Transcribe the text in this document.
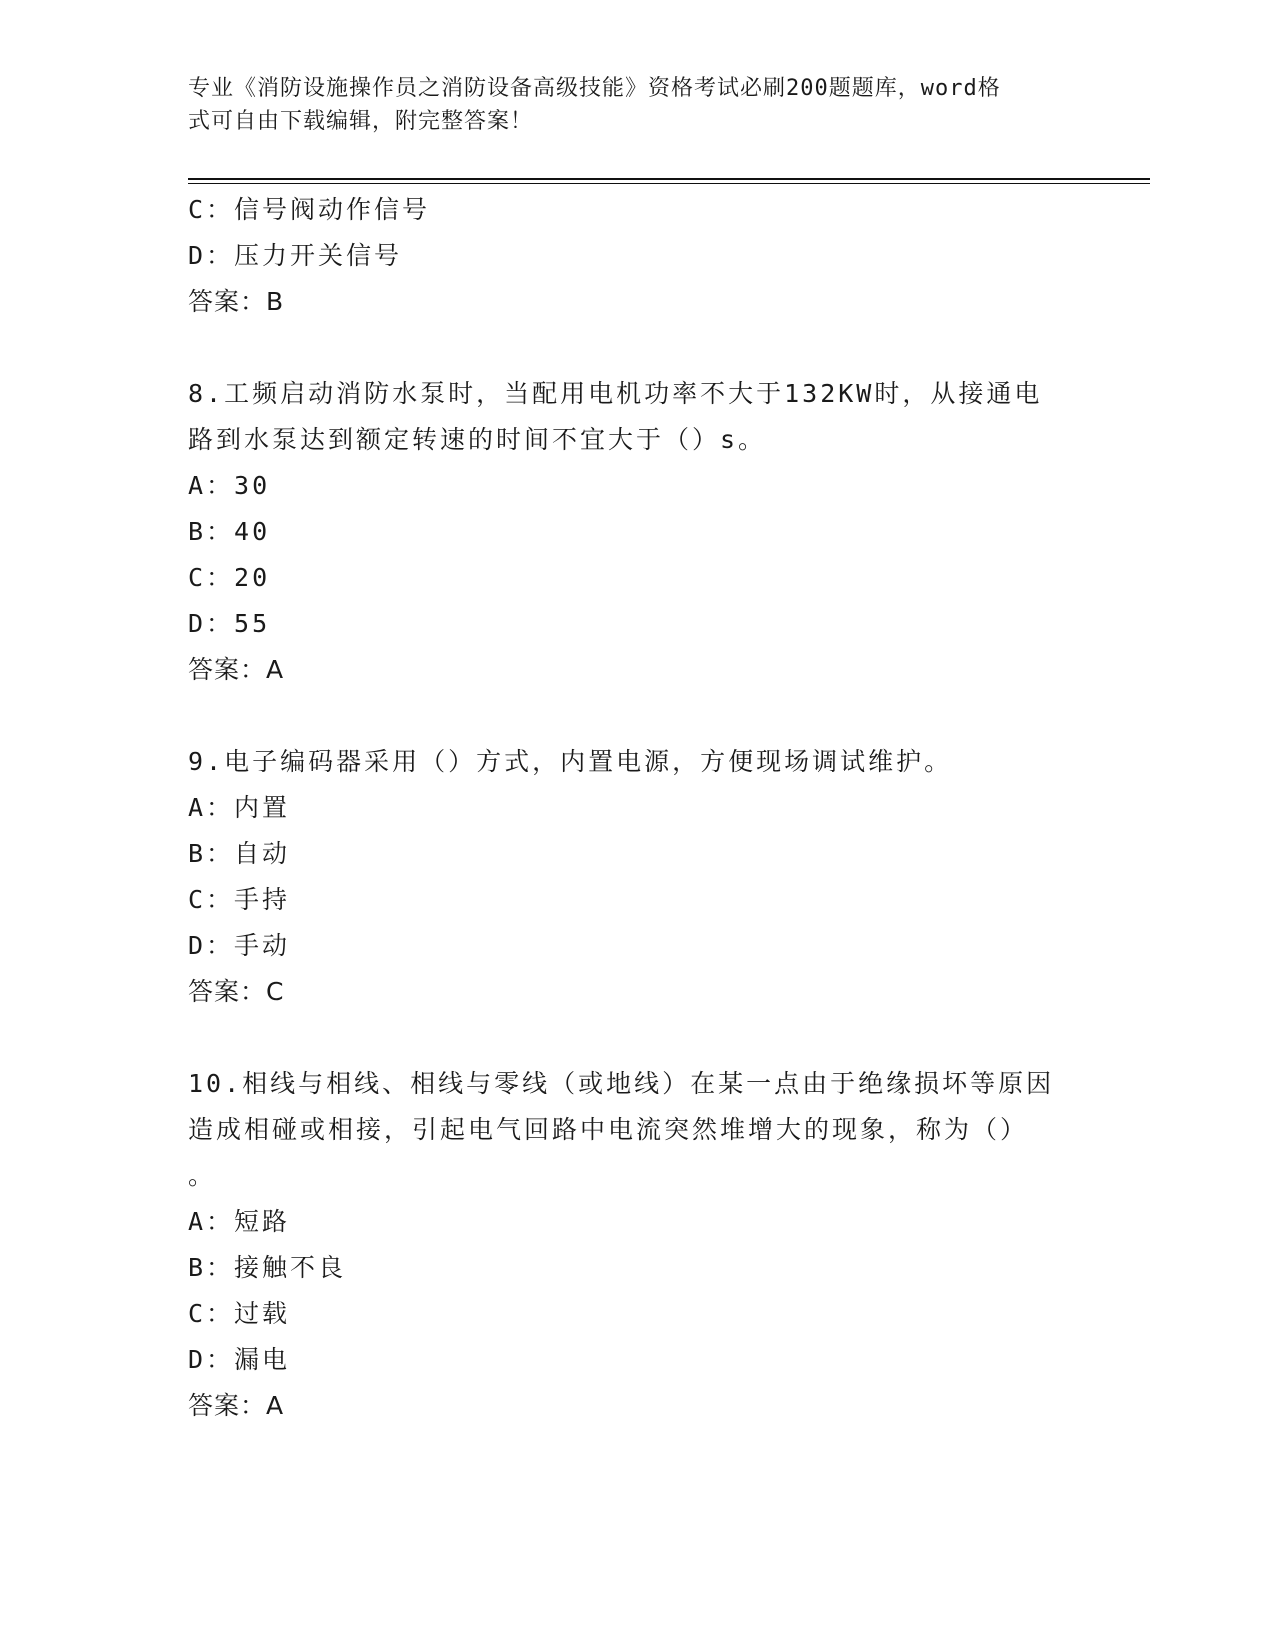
专业《消防设施操作员之消防设备高级技能》资格考试必刷200题题库，word格
式可自由下载编辑，附完整答案！
C：信号阀动作信号
D：压力开关信号
答案：B
8.工频启动消防水泵时，当配用电机功率不大于132KW时，从接通电
路到水泵达到额定转速的时间不宜大于（）s。
A：30
B：40
C：20
D：55
答案：A
9.电子编码器采用（）方式，内置电源，方便现场调试维护。
A：内置
B：自动
C：手持
D：手动
答案：C
10.相线与相线、相线与零线（或地线）在某一点由于绝缘损坏等原因
造成相碰或相接，引起电气回路中电流突然堆增大的现象，称为（）
。
A：短路
B：接触不良
C：过载
D：漏电
答案：A
